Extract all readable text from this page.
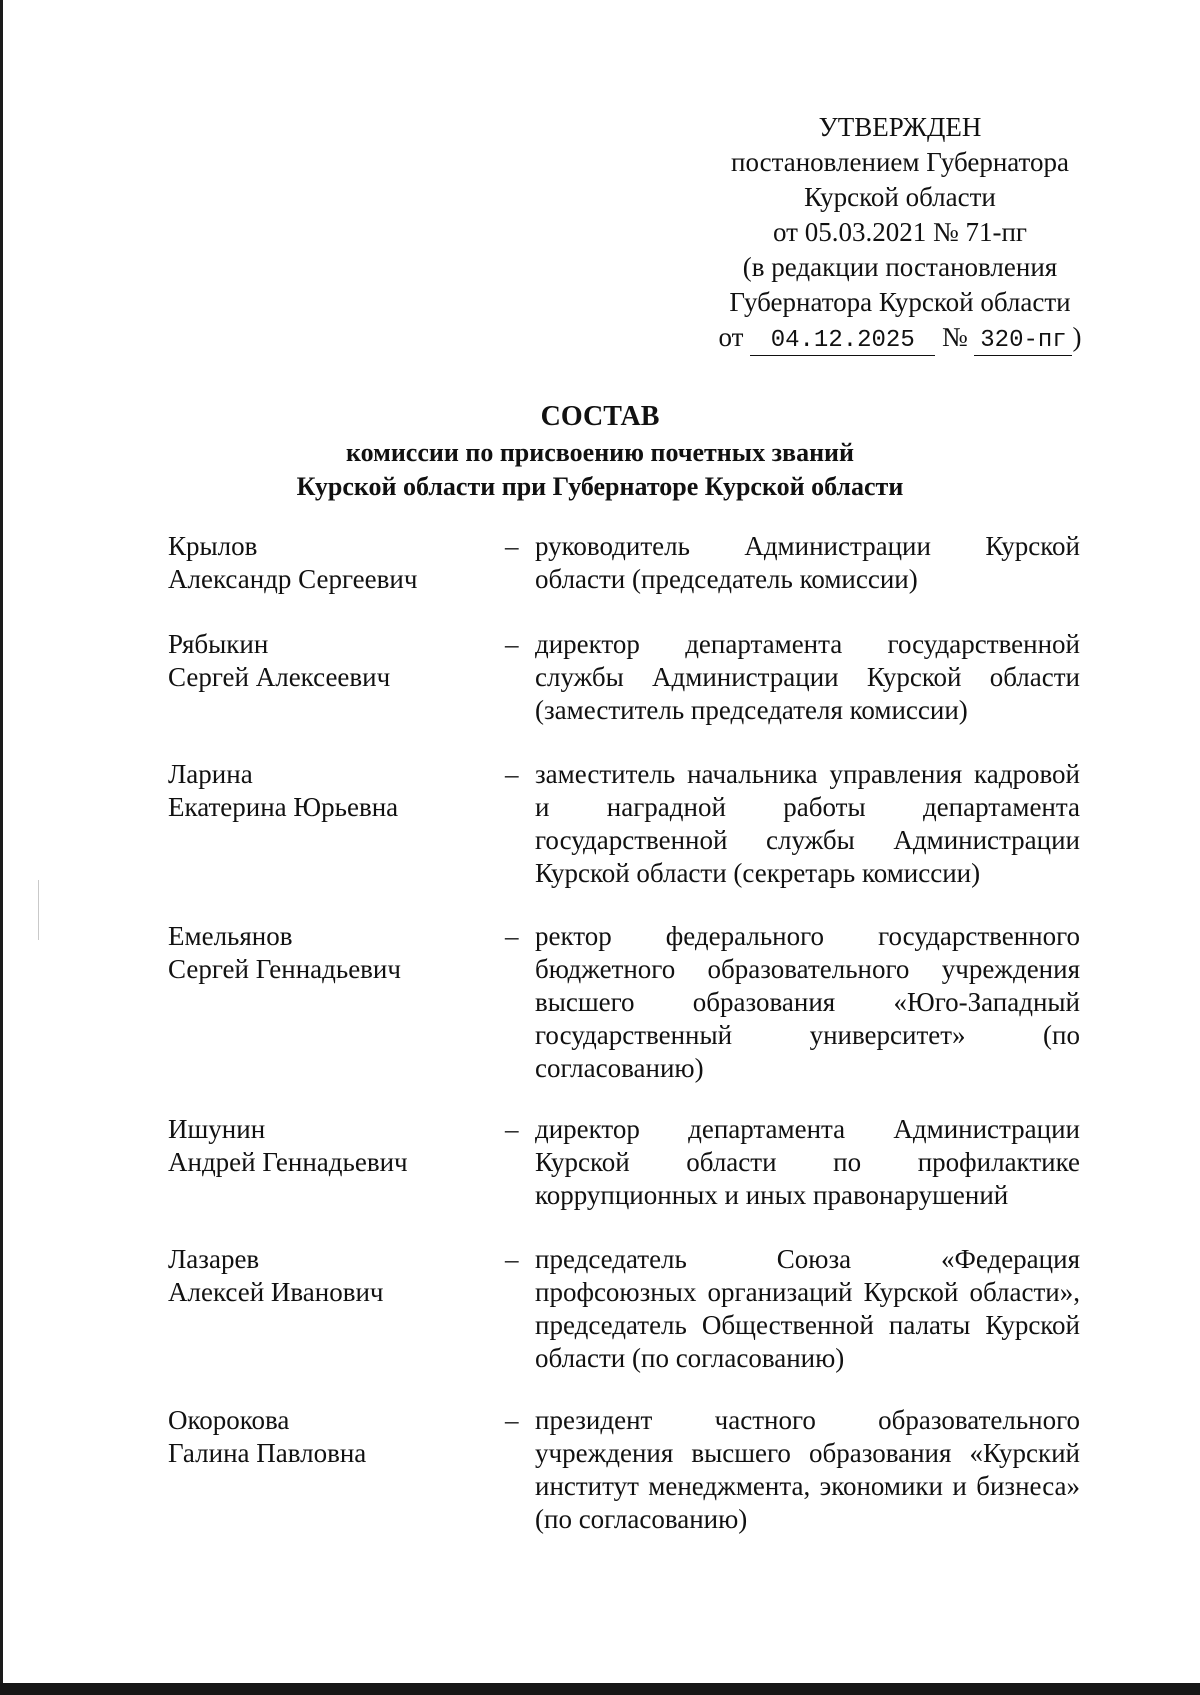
УТВЕРЖДЕН
постановлением Губернатора
Курской области
от 05.03.2021 № 71-пг
(в редакции постановления
Губернатора Курской области
от 04.12.2025 № 320-пг )
СОСТАВ
комиссии по присвоению почетных званий
Курской области при Губернаторе Курской области
Крылов
Александр Сергеевич
– руководитель Администрации Курской области (председатель комиссии)
Рябыкин
Сергей Алексеевич
– директор департамента государственной службы Администрации Курской области (заместитель председателя комиссии)
Ларина
Екатерина Юрьевна
– заместитель начальника управления кадровой и наградной работы департамента государственной службы Администрации Курской области (секретарь комиссии)
Емельянов
Сергей Геннадьевич
– ректор федерального государственного бюджетного образовательного учреждения высшего образования «Юго-Западный государственный университет» (по согласованию)
Ишунин
Андрей Геннадьевич
– директор департамента Администрации Курской области по профилактике коррупционных и иных правонарушений
Лазарев
Алексей Иванович
– председатель Союза «Федерация профсоюзных организаций Курской области», председатель Общественной палаты Курской области (по согласованию)
Окорокова
Галина Павловна
– президент частного образовательного учреждения высшего образования «Курский институт менеджмента, экономики и бизнеса» (по согласованию)
